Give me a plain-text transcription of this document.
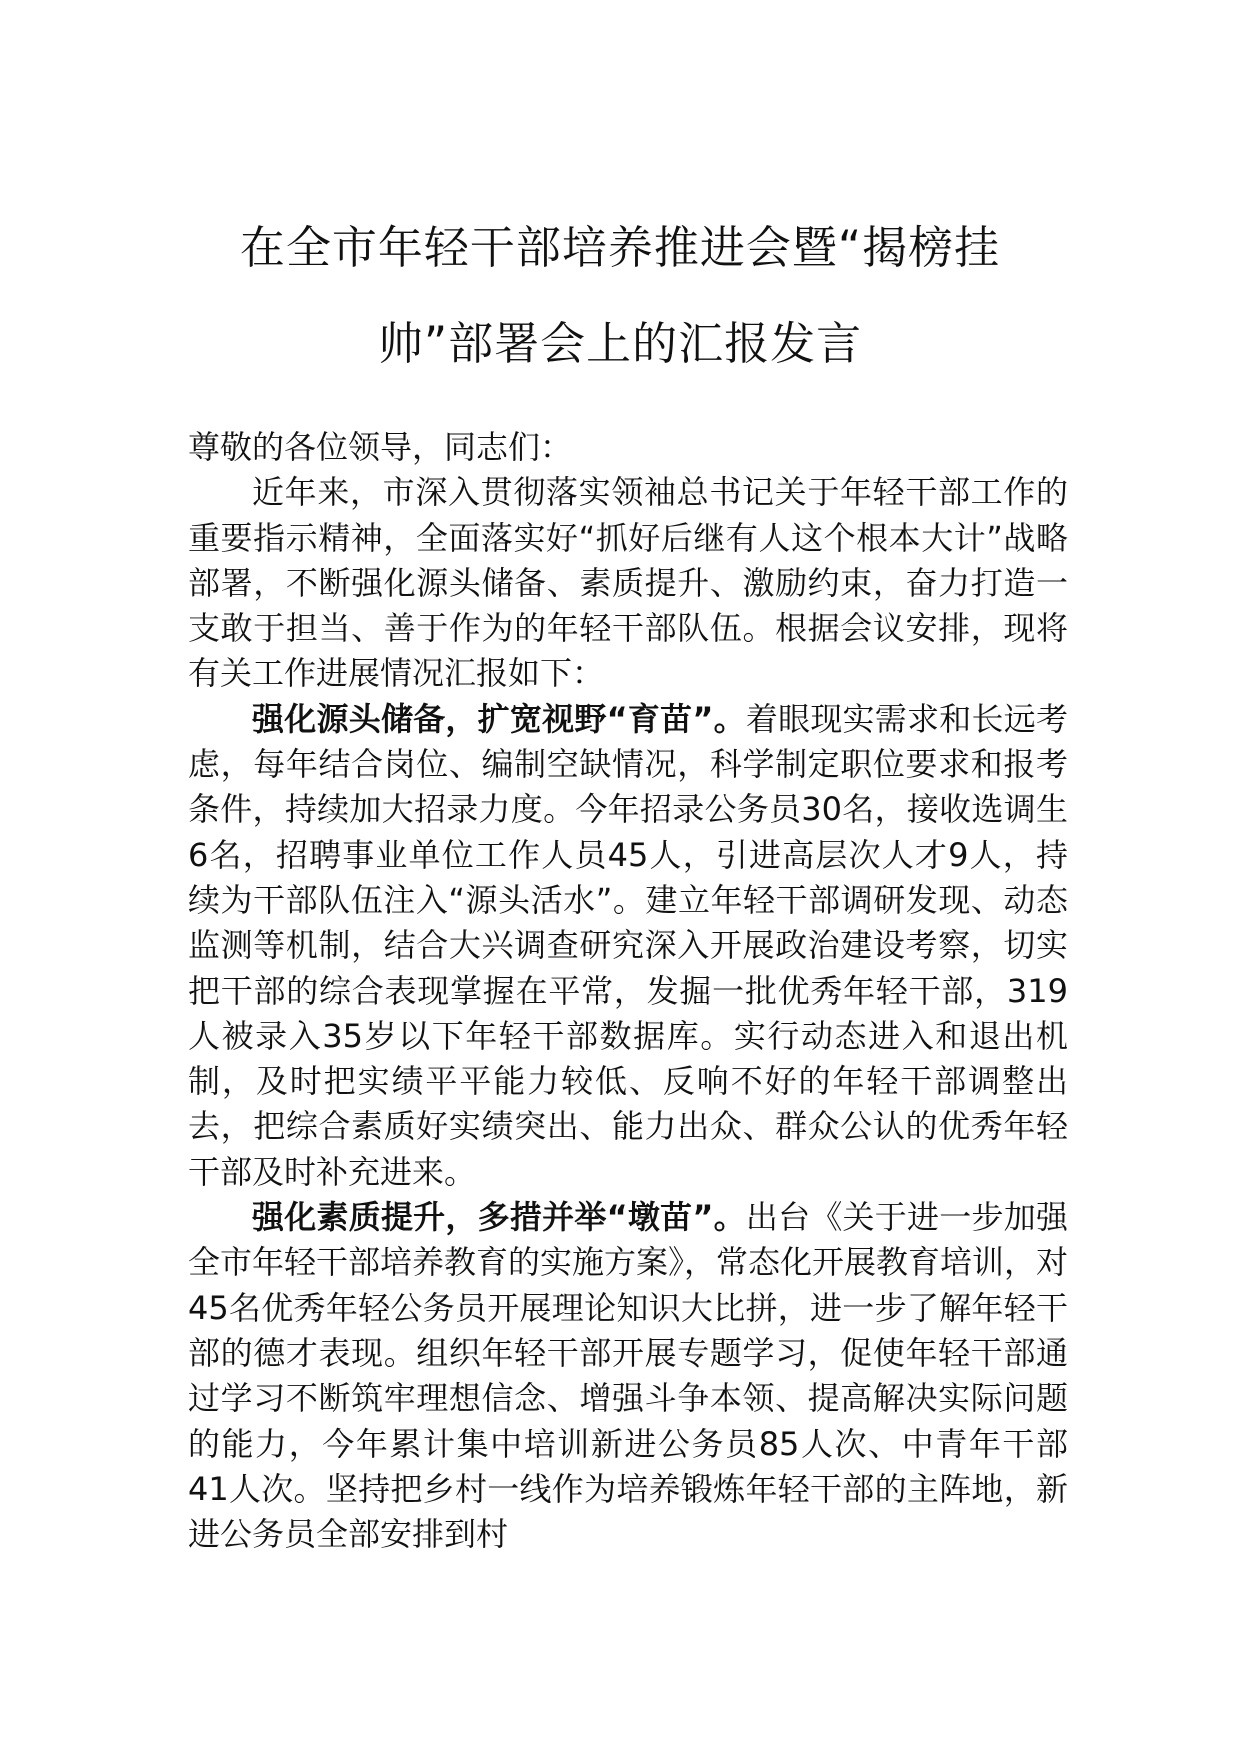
在全市年轻干部培养推进会暨“揭榜挂
帅”部署会上的汇报发言

尊敬的各位领导，同志们：

近年来，市深入贯彻落实领袖总书记关于年轻干部工作的重要指示精神，全面落实好“抓好后继有人这个根本大计”战略部署，不断强化源头储备、素质提升、激励约束，奋力打造一支敢于担当、善于作为的年轻干部队伍。根据会议安排，现将有关工作进展情况汇报如下：

强化源头储备，扩宽视野“育苗”。着眼现实需求和长远考虑，每年结合岗位、编制空缺情况，科学制定职位要求和报考条件，持续加大招录力度。今年招录公务员30名，接收选调生6名，招聘事业单位工作人员45人，引进高层次人才9人，持续为干部队伍注入“源头活水”。建立年轻干部调研发现、动态监测等机制，结合大兴调查研究深入开展政治建设考察，切实把干部的综合表现掌握在平常，发掘一批优秀年轻干部，319人被录入35岁以下年轻干部数据库。实行动态进入和退出机制，及时把实绩平平能力较低、反响不好的年轻干部调整出去，把综合素质好实绩突出、能力出众、群众公认的优秀年轻干部及时补充进来。

强化素质提升，多措并举“墩苗”。出台《关于进一步加强全市年轻干部培养教育的实施方案》，常态化开展教育培训，对45名优秀年轻公务员开展理论知识大比拼，进一步了解年轻干部的德才表现。组织年轻干部开展专题学习，促使年轻干部通过学习不断筑牢理想信念、增强斗争本领、提高解决实际问题的能力，今年累计集中培训新进公务员85人次、中青年干部41人次。坚持把乡村一线作为培养锻炼年轻干部的主阵地，新进公务员全部安排到村
